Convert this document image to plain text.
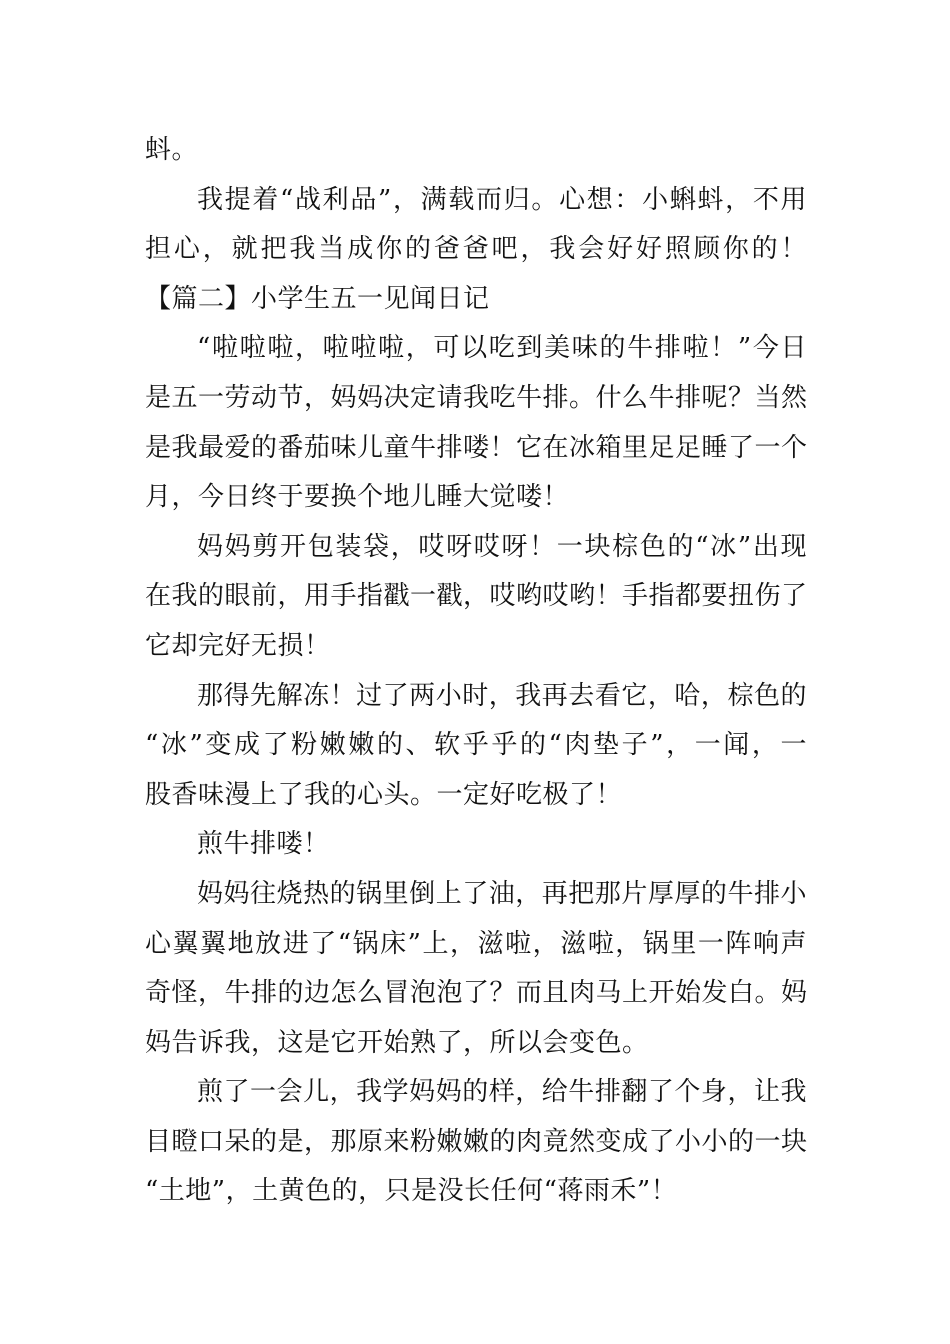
蚪。
我提着“战利品”，满载而归。心想：小蝌蚪，不用
担心，就把我当成你的爸爸吧，我会好好照顾你的！
【篇二】小学生五一见闻日记
“啦啦啦，啦啦啦，可以吃到美味的牛排啦！”今日
是五一劳动节，妈妈决定请我吃牛排。什么牛排呢？当然
是我最爱的番茄味儿童牛排喽！它在冰箱里足足睡了一个
月，今日终于要换个地儿睡大觉喽！
妈妈剪开包装袋，哎呀哎呀！一块棕色的“冰”出现
在我的眼前，用手指戳一戳，哎哟哎哟！手指都要扭伤了
它却完好无损！
那得先解冻！过了两小时，我再去看它，哈，棕色的
“冰”变成了粉嫩嫩的、软乎乎的“肉垫子”，一闻，一
股香味漫上了我的心头。一定好吃极了！
煎牛排喽！
妈妈往烧热的锅里倒上了油，再把那片厚厚的牛排小
心翼翼地放进了“锅床”上，滋啦，滋啦，锅里一阵响声
奇怪，牛排的边怎么冒泡泡了？而且肉马上开始发白。妈
妈告诉我，这是它开始熟了，所以会变色。
煎了一会儿，我学妈妈的样，给牛排翻了个身，让我
目瞪口呆的是，那原来粉嫩嫩的肉竟然变成了小小的一块
“土地”，土黄色的，只是没长任何“蒋雨禾”！
